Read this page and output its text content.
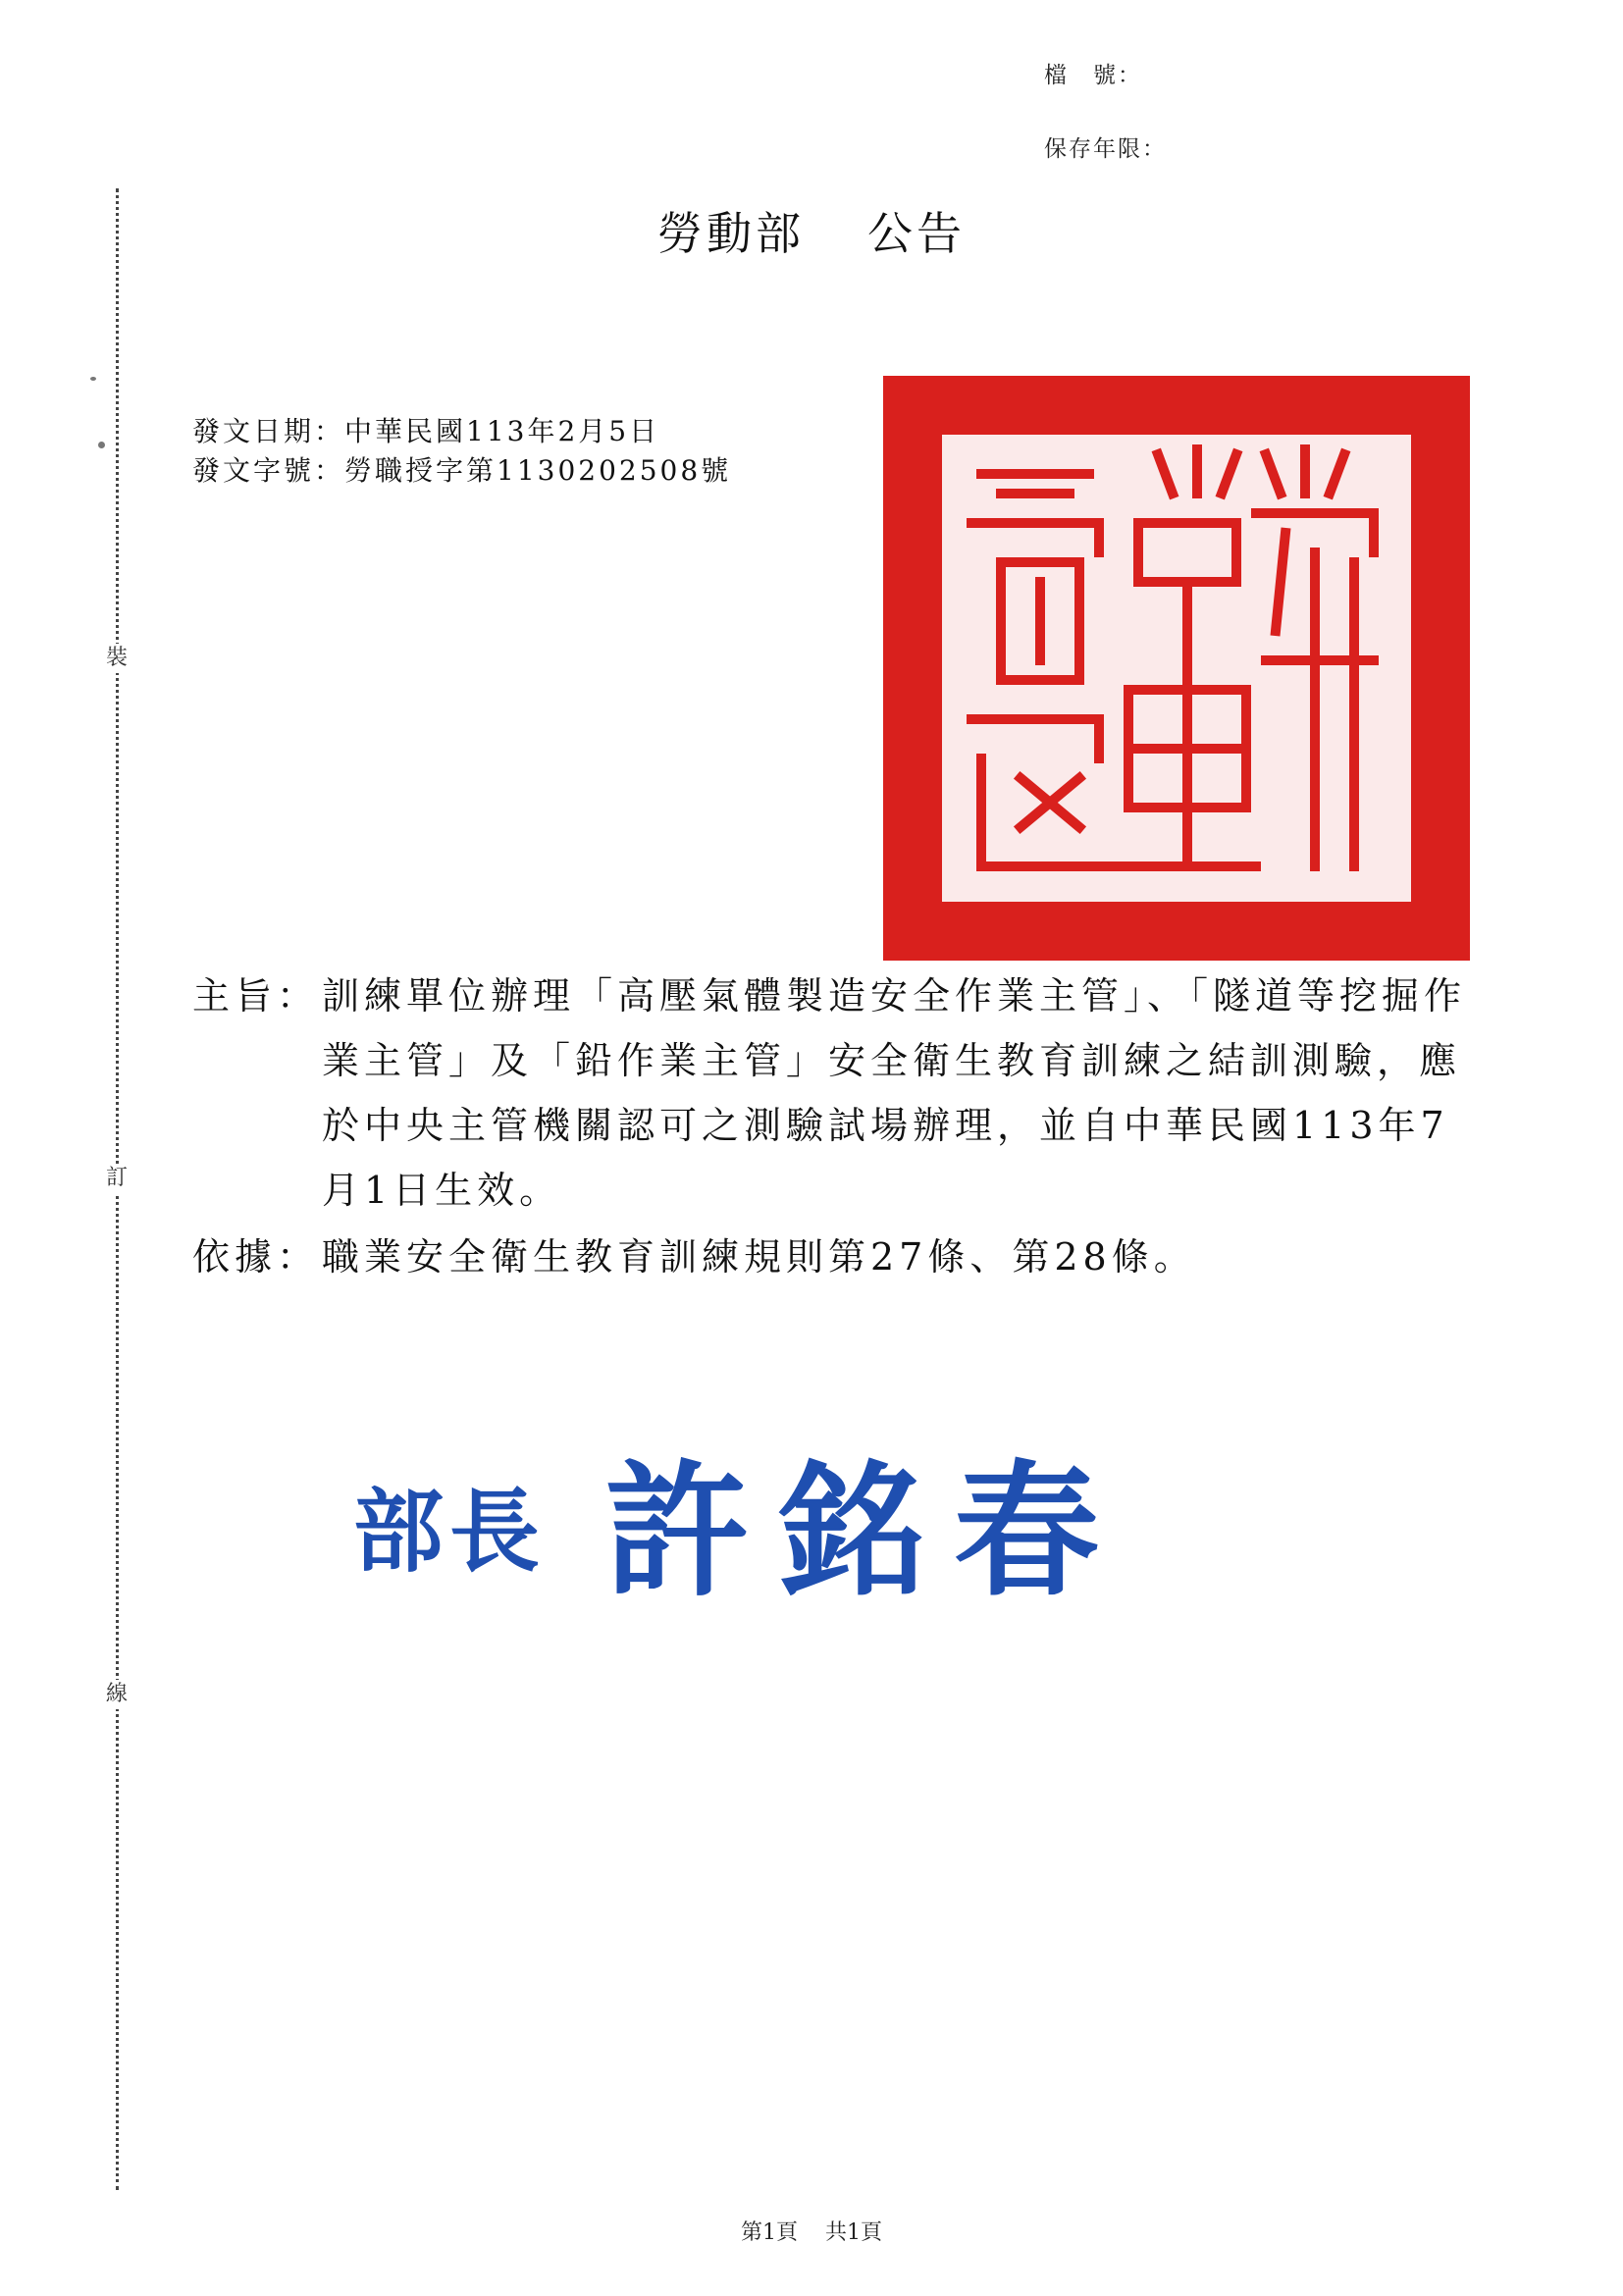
檔　號：
保存年限：
裝
訂
線
勞動部 公告
發文日期：中華民國113年2月5日
發文字號：勞職授字第1130202508號
主旨： 訓練單位辦理「高壓氣體製造安全作業主管」、「隧道等挖掘作業主管」及「鉛作業主管」安全衛生教育訓練之結訓測驗，應於中央主管機關認可之測驗試場辦理，並自中華民國113年7月1日生效。
依據： 職業安全衛生教育訓練規則第27條、第28條。
部長 許銘春
第1頁 共1頁
